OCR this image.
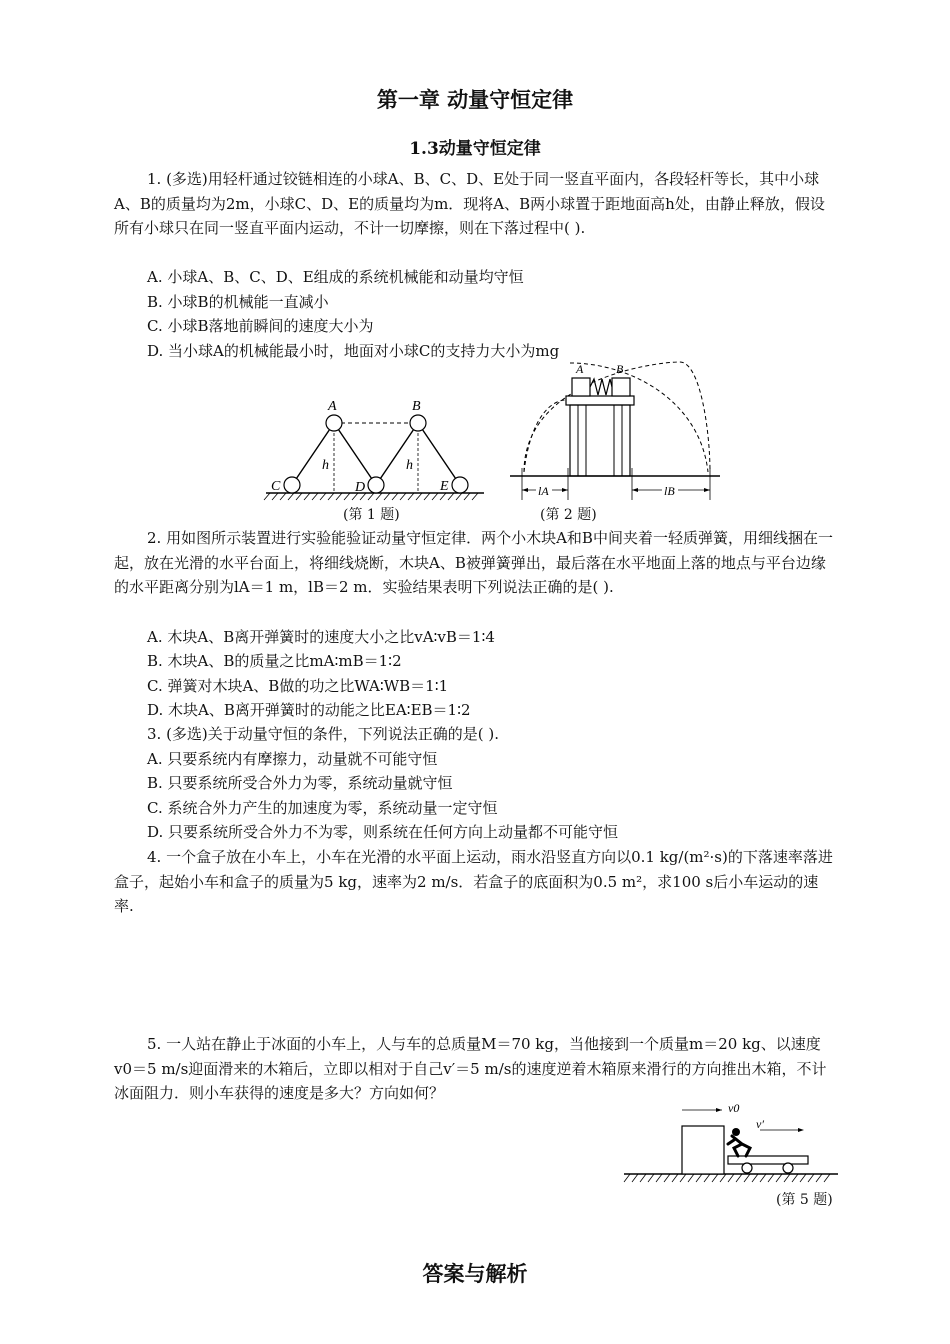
第一章 动量守恒定律
1.3动量守恒定律
1. (多选)用轻杆通过铰链相连的小球A、B、C、D、E处于同一竖直平面内，各段轻杆等长，其中小球A、B的质量均为2m，小球C、D、E的质量均为m．现将A、B两小球置于距地面高h处，由静止释放，假设所有小球只在同一竖直平面内运动，不计一切摩擦，则在下落过程中( ).
A. 小球A、B、C、D、E组成的系统机械能和动量均守恒
B. 小球B的机械能一直减小
C. 小球B落地前瞬间的速度大小为
D. 当小球A的机械能最小时，地面对小球C的支持力大小为mg
A	B
C	D	E
h	h
(第 1 题)
A	B
lA	lB
(第 2 题)
2. 用如图所示装置进行实验能验证动量守恒定律．两个小木块A和B中间夹着一轻质弹簧，用细线捆在一起，放在光滑的水平台面上，将细线烧断，木块A、B被弹簧弹出，最后落在水平地面上落的地点与平台边缘的水平距离分别为lA＝1 m，lB＝2 m．实验结果表明下列说法正确的是( ).
A. 木块A、B离开弹簧时的速度大小之比vA∶vB＝1∶4
B. 木块A、B的质量之比mA∶mB＝1∶2
C. 弹簧对木块A、B做的功之比WA∶WB＝1∶1
D. 木块A、B离开弹簧时的动能之比EA∶EB＝1∶2
3. (多选)关于动量守恒的条件，下列说法正确的是( ).
A. 只要系统内有摩擦力，动量就不可能守恒
B. 只要系统所受合外力为零，系统动量就守恒
C. 系统合外力产生的加速度为零，系统动量一定守恒
D. 只要系统所受合外力不为零，则系统在任何方向上动量都不可能守恒
4. 一个盒子放在小车上，小车在光滑的水平面上运动，雨水沿竖直方向以0.1 kg/(m²·s)的下落速率落进盒子，起始小车和盒子的质量为5 kg，速率为2 m/s．若盒子的底面积为0.5 m²，求100 s后小车运动的速率.
5. 一人站在静止于冰面的小车上，人与车的总质量M＝70 kg，当他接到一个质量m＝20 kg、以速度v0＝5 m/s迎面滑来的木箱后，立即以相对于自己v′＝5 m/s的速度逆着木箱原来滑行的方向推出木箱，不计冰面阻力．则小车获得的速度是多大？方向如何？
v0
v′
(第 5 题)
答案与解析
